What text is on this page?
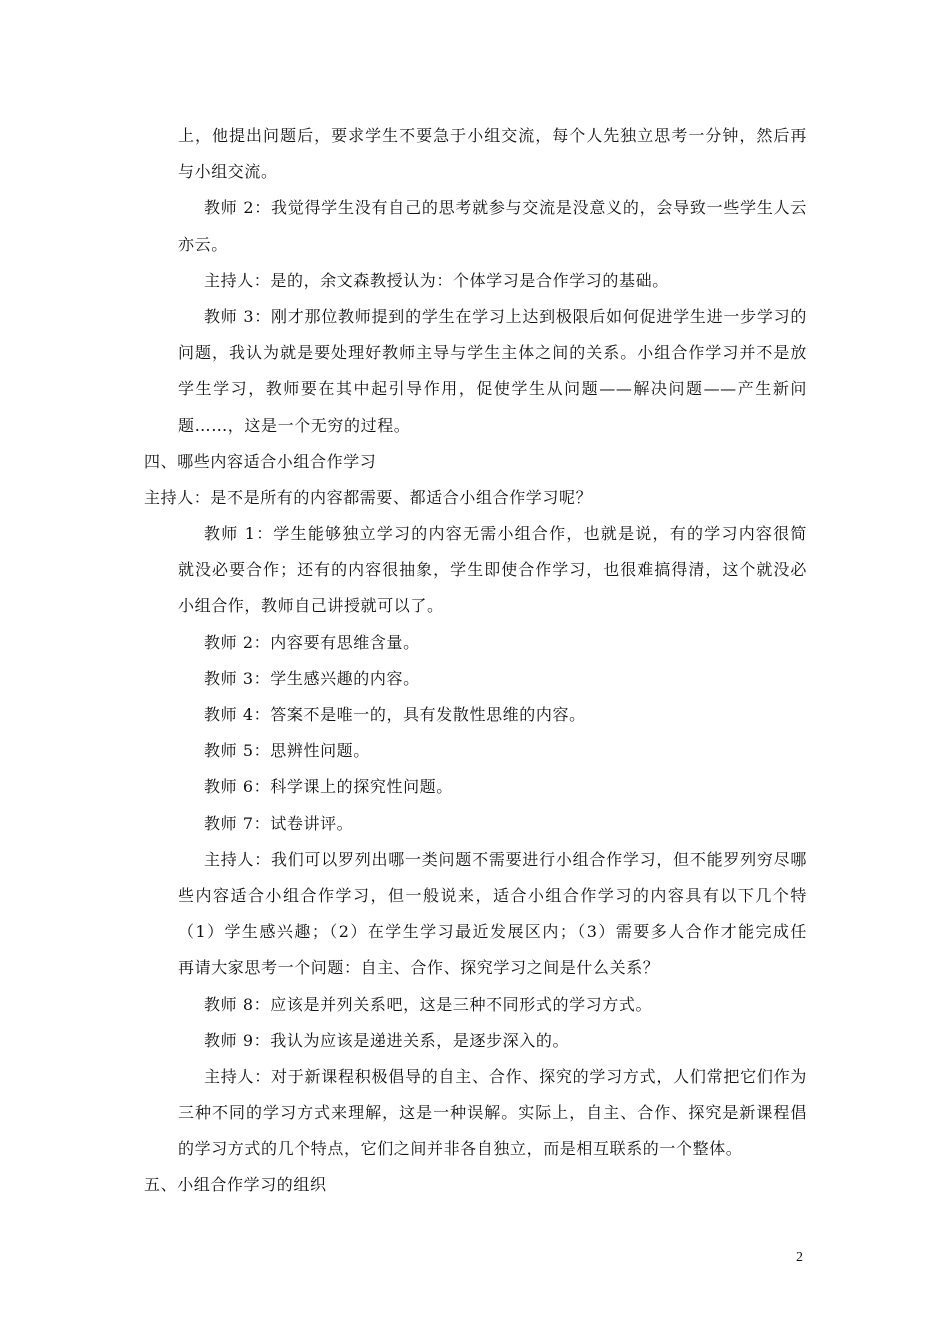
上，他提出问题后，要求学生不要急于小组交流，每个人先独立思考一分钟，然后再
与小组交流。
教师 2：我觉得学生没有自己的思考就参与交流是没意义的，会导致一些学生人云
亦云。
主持人：是的，余文森教授认为：个体学习是合作学习的基础。
教师 3：刚才那位教师提到的学生在学习上达到极限后如何促进学生进一步学习的
问题，我认为就是要处理好教师主导与学生主体之间的关系。小组合作学习并不是放
学生学习，教师要在其中起引导作用，促使学生从问题——解决问题——产生新问
题……，这是一个无穷的过程。
四、哪些内容适合小组合作学习
主持人：是不是所有的内容都需要、都适合小组合作学习呢？
教师 1：学生能够独立学习的内容无需小组合作，也就是说，有的学习内容很简
就没必要合作；还有的内容很抽象，学生即使合作学习，也很难搞得清，这个就没必
小组合作，教师自己讲授就可以了。
教师 2：内容要有思维含量。
教师 3：学生感兴趣的内容。
教师 4：答案不是唯一的，具有发散性思维的内容。
教师 5：思辨性问题。
教师 6：科学课上的探究性问题。
教师 7：试卷讲评。
主持人：我们可以罗列出哪一类问题不需要进行小组合作学习，但不能罗列穷尽哪
些内容适合小组合作学习，但一般说来，适合小组合作学习的内容具有以下几个特
（1）学生感兴趣；（2）在学生学习最近发展区内；（3）需要多人合作才能完成任
再请大家思考一个问题：自主、合作、探究学习之间是什么关系？
教师 8：应该是并列关系吧，这是三种不同形式的学习方式。
教师 9：我认为应该是递进关系，是逐步深入的。
主持人：对于新课程积极倡导的自主、合作、探究的学习方式，人们常把它们作为
三种不同的学习方式来理解，这是一种误解。实际上，自主、合作、探究是新课程倡
的学习方式的几个特点，它们之间并非各自独立，而是相互联系的一个整体。
五、小组合作学习的组织
2
